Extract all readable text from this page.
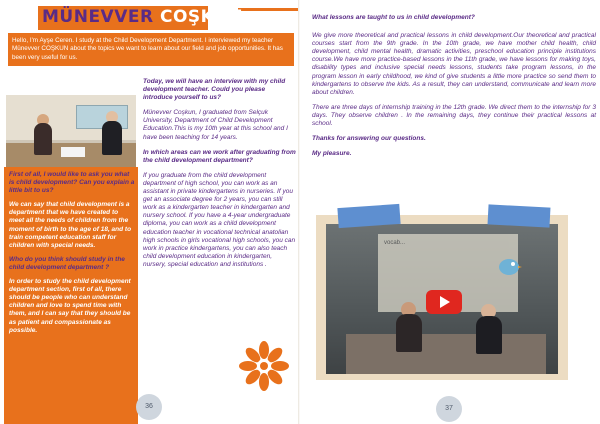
MÜNEVVER COŞKUN
Hello, I'm Ayşe Ceren. I study at the Child Development Department. I interviewed my teacher Münevver COŞKUN about the topics we want to learn about our field and job opportunities. It has been very useful for us.

First of all, I would like to ask you what is child development? Can you explain a little bit to us?

We can say that child development is a department that we have created to meet all the needs of children from the moment of birth to the age of 18, and to train competent education staff for children with special needs.

Who do you think should study in the child development department ?

In order to study the child development department section, first of all, there should be people who can understand children and love to spend time with them, and I can say that they should be as patient and compassionate as possible.

Today, we will have an interview with my child development teacher. Could you please introduce yourself to us?

Münevver Coşkun, I graduated from Selçuk University, Department of Child Development Education.This is my 10th year at this school and I have been teaching for 14 years.

In which areas can we work after graduating from the child development department?

If you graduate from the child development department of high school, you can work as an assistant in private kindergartens in nurseries. If you get an associate degree for 2 years, you can still work as a kindergarten teacher in kindergarten and nursery school. If you have a 4-year undergraduate diploma, you can work as a child development education teacher in vocational technical anatolian high schools in girls vocational high schools, you can work in practice kindergartens, you can also teach child development education in kindergarten, nursery, special education and institutions .

36

What lessons are taught to us in child development?

We give more theoretical and practical lessons in child development.Our theoretical and practical courses start from the 9th grade. In the 10th grade, we have mother child health, child development, child mental health, dramatic activities, preschool education principle institutions course.We have more practice-based lessons in the 11th grade, we have lessons for making toys, disability types and inclusive special needs lessons, students take program lessons, in the program lesson in early childhood, we kind of give students a little more practice so send them to kindergartens to observe the kids. As a result, they can understand, communicate and learn more about children.

There are three days of internship training in the 12th grade. We direct them to the internship for 3 days. They observe children . In the remaining days, they continue their practical lessons at school.

Thanks for answering our questions.

My pleasure.

vocab...
37
